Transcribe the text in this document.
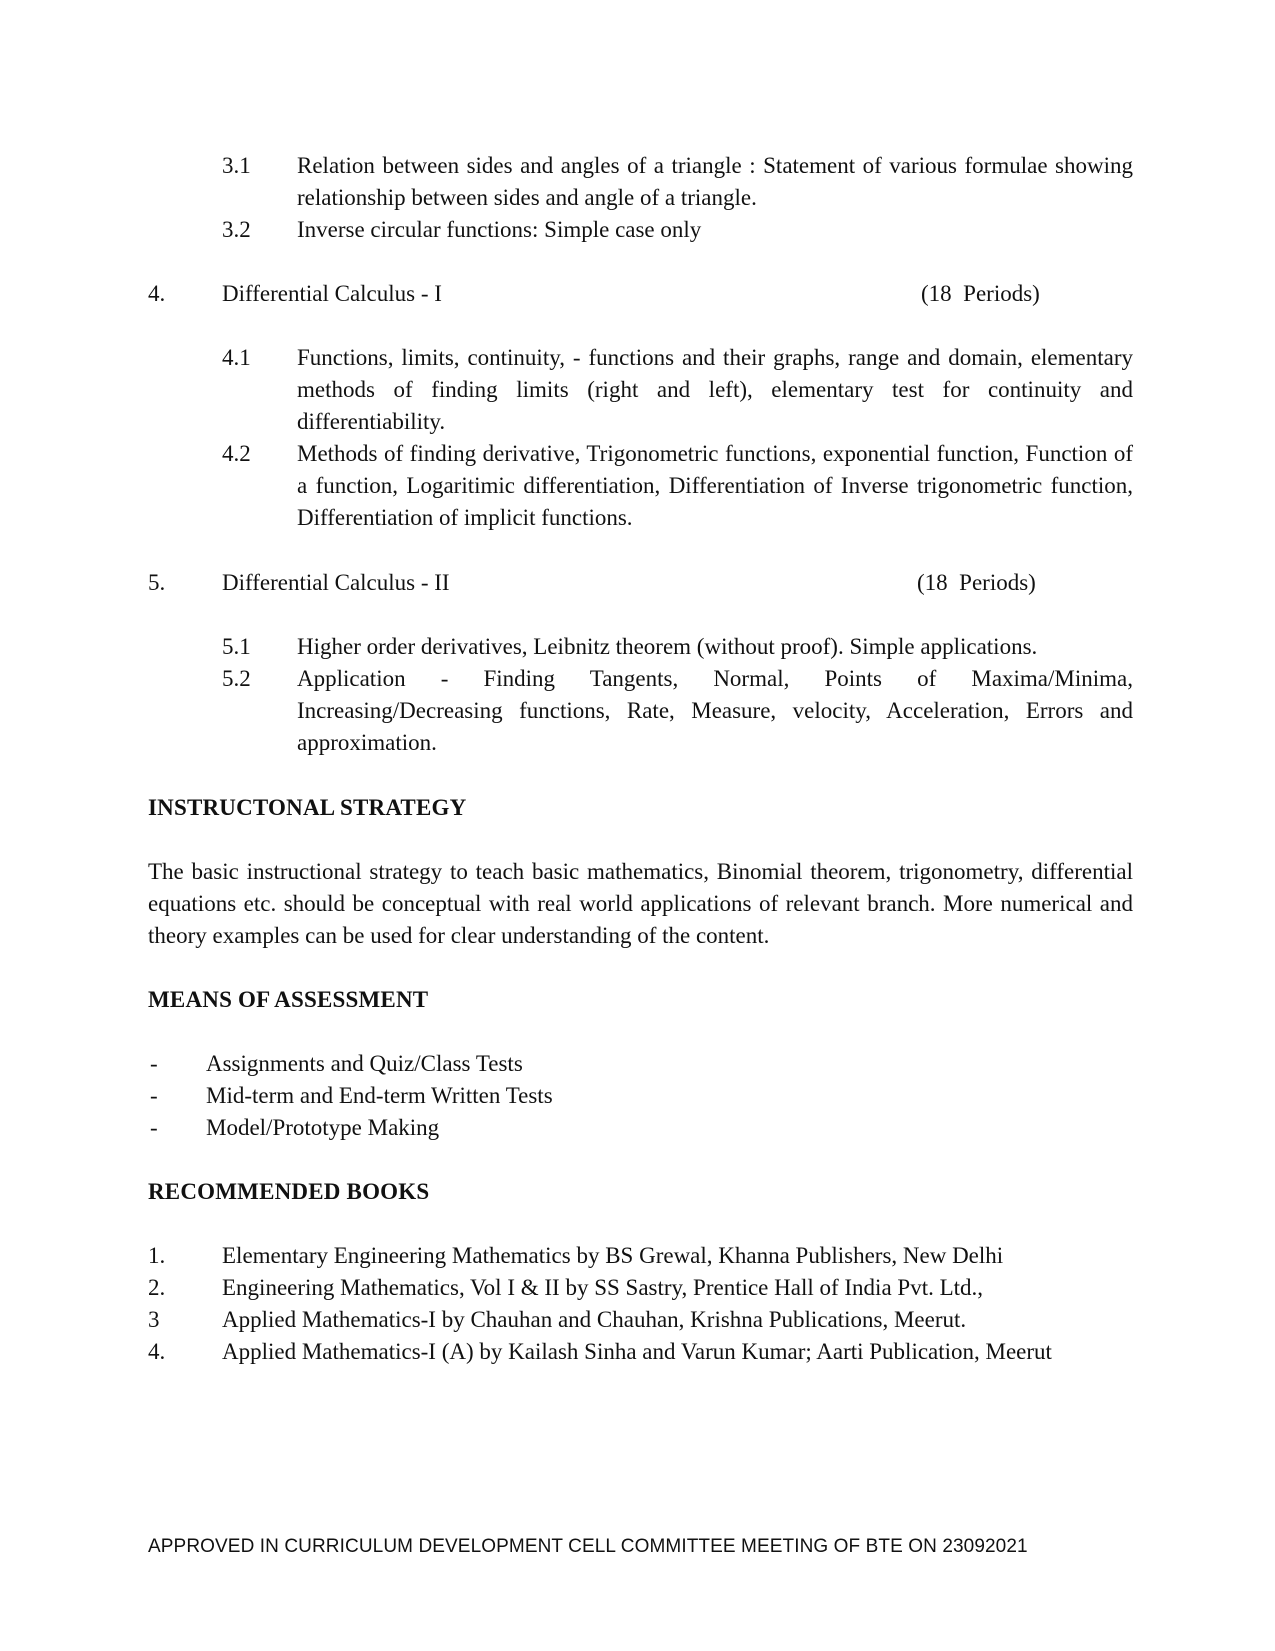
3.1	Relation between sides and angles of a triangle : Statement of various formulae showing relationship between sides and angle of a triangle.
3.2	Inverse circular functions: Simple case only
4.	Differential Calculus - I	(18  Periods)
4.1	Functions, limits, continuity, - functions and their graphs, range and domain, elementary methods of finding limits (right and left), elementary test for continuity and differentiability.
4.2	Methods of finding derivative, Trigonometric functions, exponential function, Function of a function, Logaritimic differentiation, Differentiation of Inverse trigonometric function, Differentiation of implicit functions.
5.	Differential Calculus - II	(18  Periods)
5.1	Higher order derivatives, Leibnitz theorem (without proof). Simple applications.
5.2	Application - Finding Tangents, Normal, Points of Maxima/Minima, Increasing/Decreasing functions, Rate, Measure, velocity, Acceleration, Errors and approximation.
INSTRUCTONAL STRATEGY
The basic instructional strategy to teach basic mathematics, Binomial theorem, trigonometry, differential equations etc. should be conceptual with real world applications of relevant branch. More numerical and theory examples can be used for clear understanding of the content.
MEANS OF ASSESSMENT
- Assignments and Quiz/Class Tests
- Mid-term and End-term Written Tests
- Model/Prototype Making
RECOMMENDED BOOKS
1. Elementary Engineering Mathematics by BS Grewal, Khanna Publishers, New Delhi
2. Engineering Mathematics, Vol I & II by SS Sastry, Prentice Hall of India Pvt. Ltd.,
3	Applied Mathematics-I by Chauhan and Chauhan, Krishna Publications, Meerut.
4. Applied Mathematics-I (A) by Kailash Sinha and Varun Kumar; Aarti Publication, Meerut
APPROVED IN CURRICULUM DEVELOPMENT CELL COMMITTEE MEETING OF BTE ON 23092021
